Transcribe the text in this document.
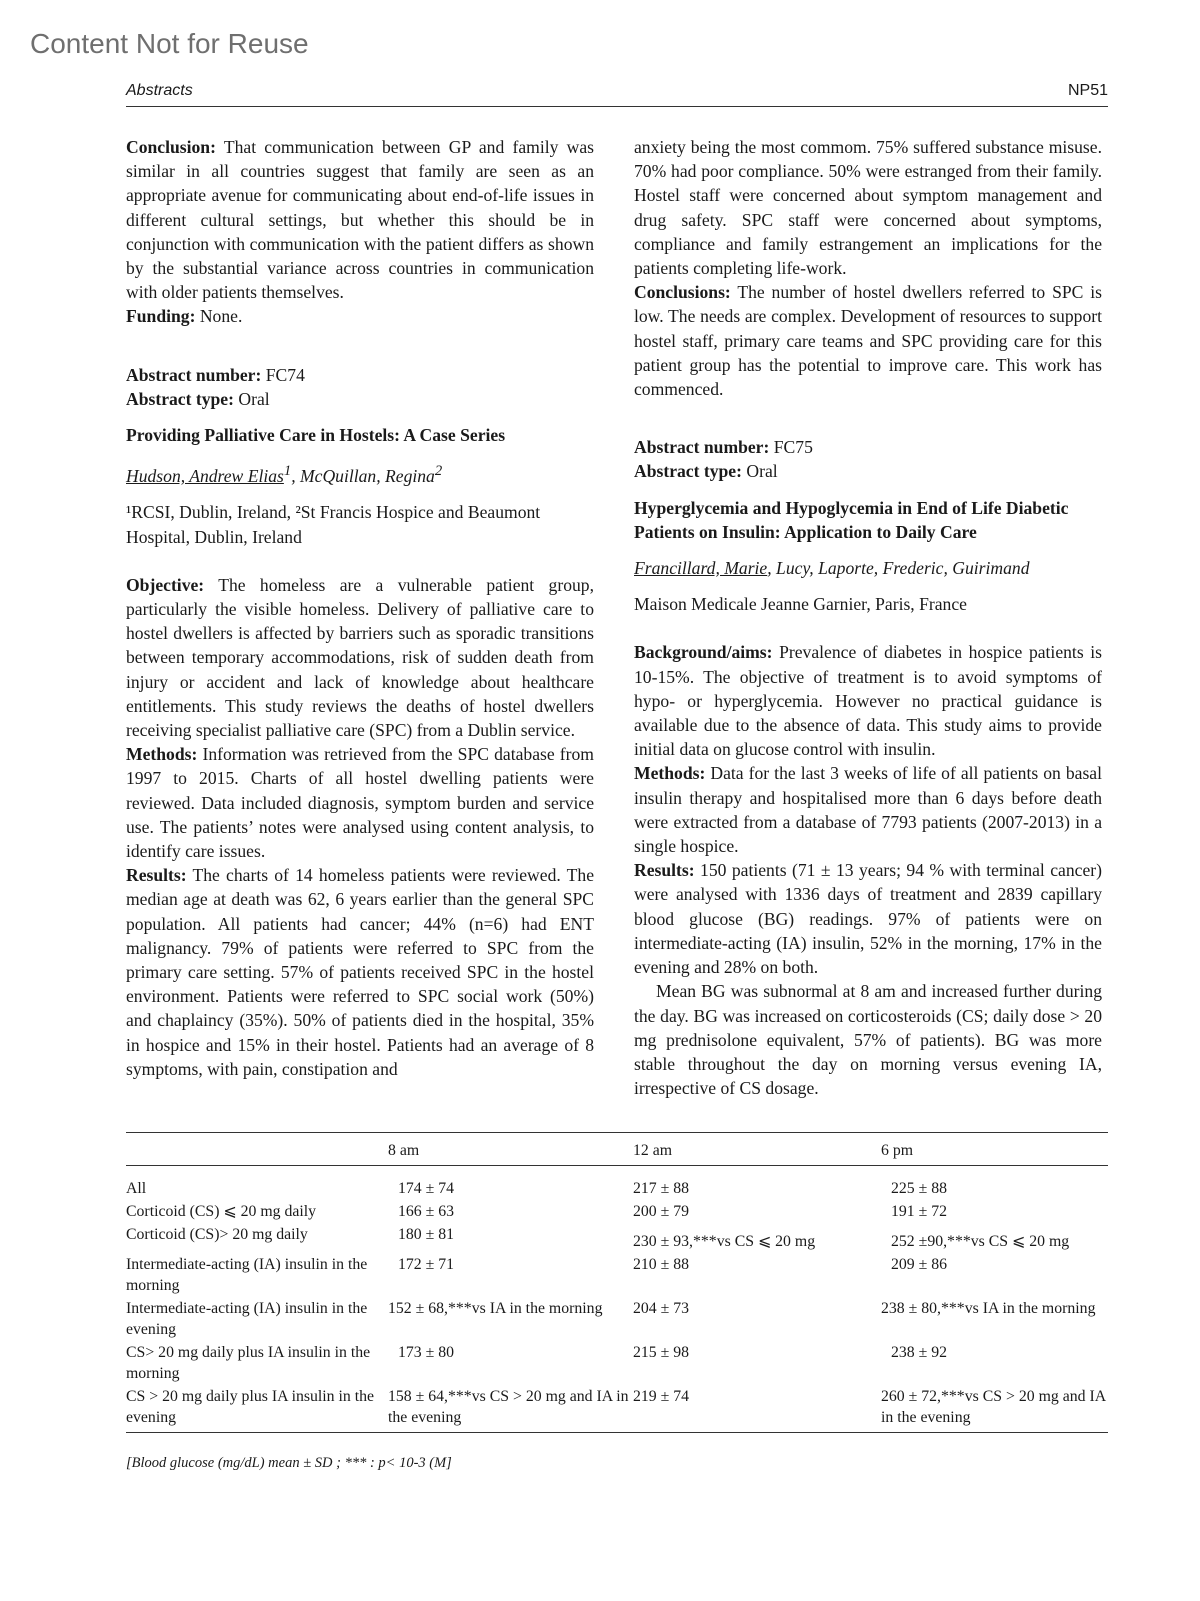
Content Not for Reuse
Abstracts	NP51

Conclusion: That communication between GP and family was similar in all countries suggest that family are seen as an appropriate avenue for communicating about end-of-life issues in different cultural settings, but whether this should be in conjunction with communication with the patient differs as shown by the substantial variance across countries in communication with older patients themselves.

Funding: None.

Abstract number: FC74

Abstract type: Oral

Providing Palliative Care in Hostels: A Case Series

Hudson, Andrew Elias$^1$, McQuillan, Regina$^2$

¹RCSI, Dublin, Ireland, ²St Francis Hospice and Beaumont Hospital, Dublin, Ireland

Objective: The homeless are a vulnerable patient group, particularly the visible homeless. Delivery of palliative care to hostel dwellers is affected by barriers such as sporadic transitions between temporary accommodations, risk of sudden death from injury or accident and lack of knowledge about healthcare entitlements. This study reviews the deaths of hostel dwellers receiving specialist palliative care (SPC) from a Dublin service.

Methods: Information was retrieved from the SPC database from 1997 to 2015. Charts of all hostel dwelling patients were reviewed. Data included diagnosis, symptom burden and service use. The patients’ notes were analysed using content analysis, to identify care issues.

Results: The charts of 14 homeless patients were reviewed. The median age at death was 62, 6 years earlier than the general SPC population. All patients had cancer; 44% (n=6) had ENT malignancy. 79% of patients were referred to SPC from the primary care setting. 57% of patients received SPC in the hostel environment. Patients were referred to SPC social work (50%) and chaplaincy (35%). 50% of patients died in the hospital, 35% in hospice and 15% in their hostel. Patients had an average of 8 symptoms, with pain, constipation and

anxiety being the most commom. 75% suffered substance misuse. 70% had poor compliance. 50% were estranged from their family. Hostel staff were concerned about symptom management and drug safety. SPC staff were concerned about symptoms, compliance and family estrangement an implications for the patients completing life-work.

Conclusions: The number of hostel dwellers referred to SPC is low. The needs are complex. Development of resources to support hostel staff, primary care teams and SPC providing care for this patient group has the potential to improve care. This work has commenced.

Abstract number: FC75

Abstract type: Oral

Hyperglycemia and Hypoglycemia in End of Life Diabetic Patients on Insulin: Application to Daily Care

Francillard, Marie, Lucy, Laporte, Frederic, Guirimand

Maison Medicale Jeanne Garnier, Paris, France

Background/aims: Prevalence of diabetes in hospice patients is 10-15%. The objective of treatment is to avoid symptoms of hypo- or hyperglycemia. However no practical guidance is available due to the absence of data. This study aims to provide initial data on glucose control with insulin.

Methods: Data for the last 3 weeks of life of all patients on basal insulin therapy and hospitalised more than 6 days before death were extracted from a database of 7793 patients (2007-2013) in a single hospice.

Results: 150 patients (71 ± 13 years; 94 % with terminal cancer) were analysed with 1336 days of treatment and 2839 capillary blood glucose (BG) readings. 97% of patients were on intermediate-acting (IA) insulin, 52% in the morning, 17% in the evening and 28% on both.

Mean BG was subnormal at 8 am and increased further during the day. BG was increased on corticosteroids (CS; daily dose > 20 mg prednisolone equivalent, 57% of patients). BG was more stable throughout the day on morning versus evening IA, irrespective of CS dosage.

	8 am	12 am	6 pm
All	174 ± 74	217 ± 88	225 ± 88
Corticoid (CS) ⩽ 20 mg daily	166 ± 63	200 ± 79	191 ± 72
Corticoid (CS)> 20 mg daily	180 ± 81	230 ± 93,***vs CS ⩽ 20 mg	252 ±90,***vs CS ⩽ 20 mg
Intermediate-acting (IA) insulin in the morning	172 ± 71	210 ± 88	209 ± 86
Intermediate-acting (IA) insulin in the evening	152 ± 68,***vs IA in the morning	204 ± 73	238 ± 80,***vs IA in the morning
CS> 20 mg daily plus IA insulin in the morning	173 ± 80	215 ± 98	238 ± 92
CS > 20 mg daily plus IA insulin in the evening	158 ± 64,***vs CS > 20 mg and IA in the evening	219 ± 74	260 ± 72,***vs CS > 20 mg and IA in the evening
[Blood glucose (mg/dL) mean ± SD ; *** : p< 10-3 (M]
